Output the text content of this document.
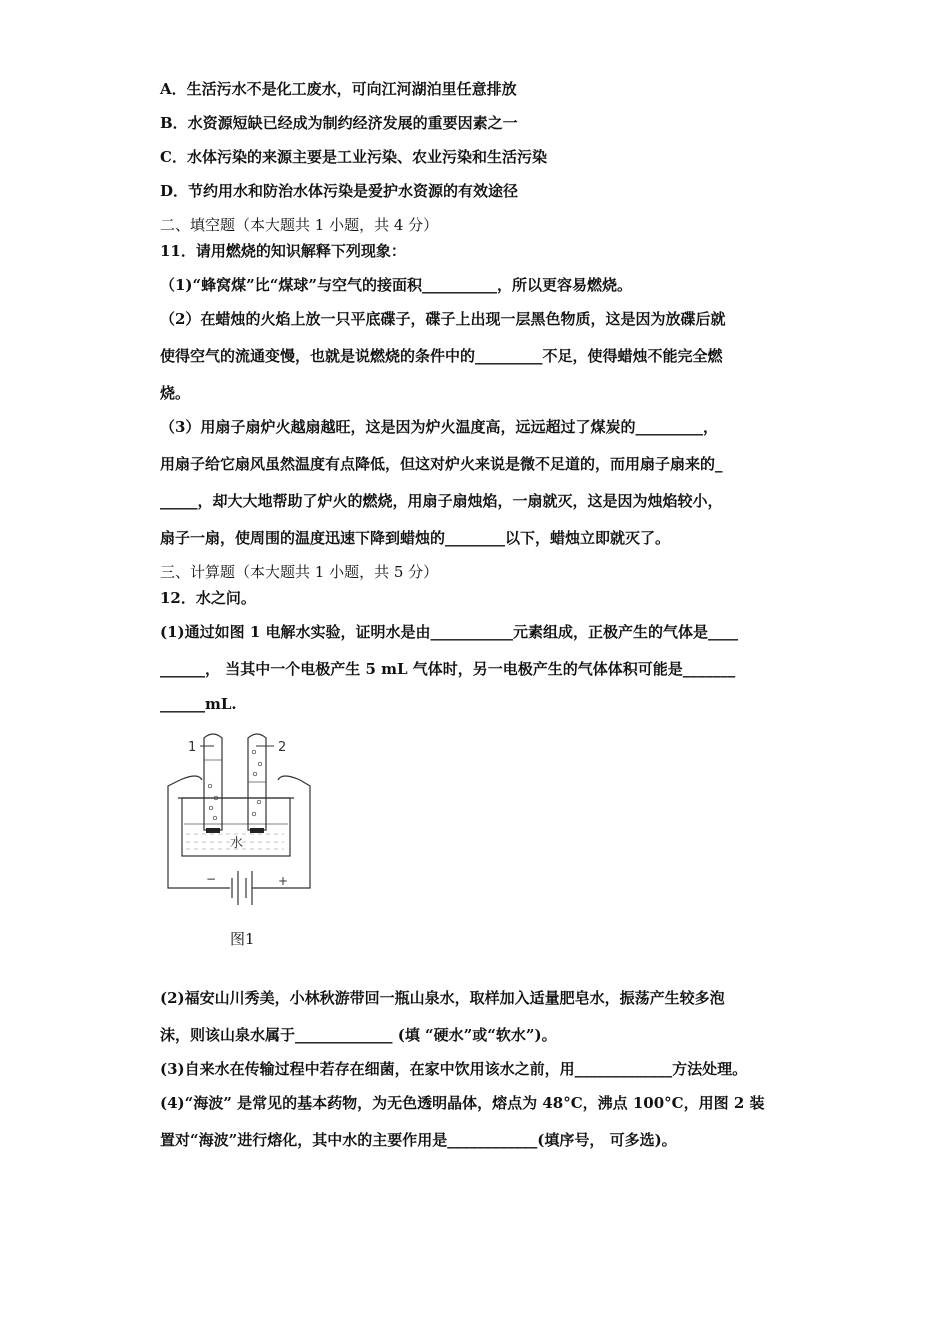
A．生活污水不是化工废水，可向江河湖泊里任意排放
B．水资源短缺已经成为制约经济发展的重要因素之一
C．水体污染的来源主要是工业污染、农业污染和生活污染
D．节约用水和防治水体污染是爱护水资源的有效途径
二、填空题（本大题共 1 小题，共 4 分）
11．请用燃烧的知识解释下列现象：
（1)“蜂窝煤”比“煤球”与空气的接面积__________，所以更容易燃烧。
（2）在蜡烛的火焰上放一只平底碟子，碟子上出现一层黑色物质，这是因为放碟后就
使得空气的流通变慢，也就是说燃烧的条件中的_________不足，使得蜡烛不能完全燃
烧。
（3）用扇子扇炉火越扇越旺，这是因为炉火温度高，远远超过了煤炭的_________，
用扇子给它扇风虽然温度有点降低，但这对炉火来说是微不足道的，而用扇子扇来的_
_____，却大大地帮助了炉火的燃烧，用扇子扇烛焰，一扇就灭，这是因为烛焰较小，
扇子一扇，使周围的温度迅速下降到蜡烛的________以下，蜡烛立即就灭了。
三、计算题（本大题共 1 小题，共 5 分）
12．水之问。
(1)通过如图 1 电解水实验，证明水是由___________元素组成，正极产生的气体是____
______， 当其中一个电极产生 5 mL 气体时，另一电极产生的气体体积可能是_______
______mL.
−	+
水
1	2
图1
(2)福安山川秀美，小林秋游带回一瓶山泉水，取样加入适量肥皂水，振荡产生较多泡
沫，则该山泉水属于_____________ (填 “硬水”或“软水”)。
(3)自来水在传输过程中若存在细菌，在家中饮用该水之前，用_____________方法处理。
(4)“海波” 是常见的基本药物，为无色透明晶体，熔点为 48°C，沸点 100°C，用图 2 装
置对“海波”进行熔化，其中水的主要作用是____________(填序号， 可多选)。
